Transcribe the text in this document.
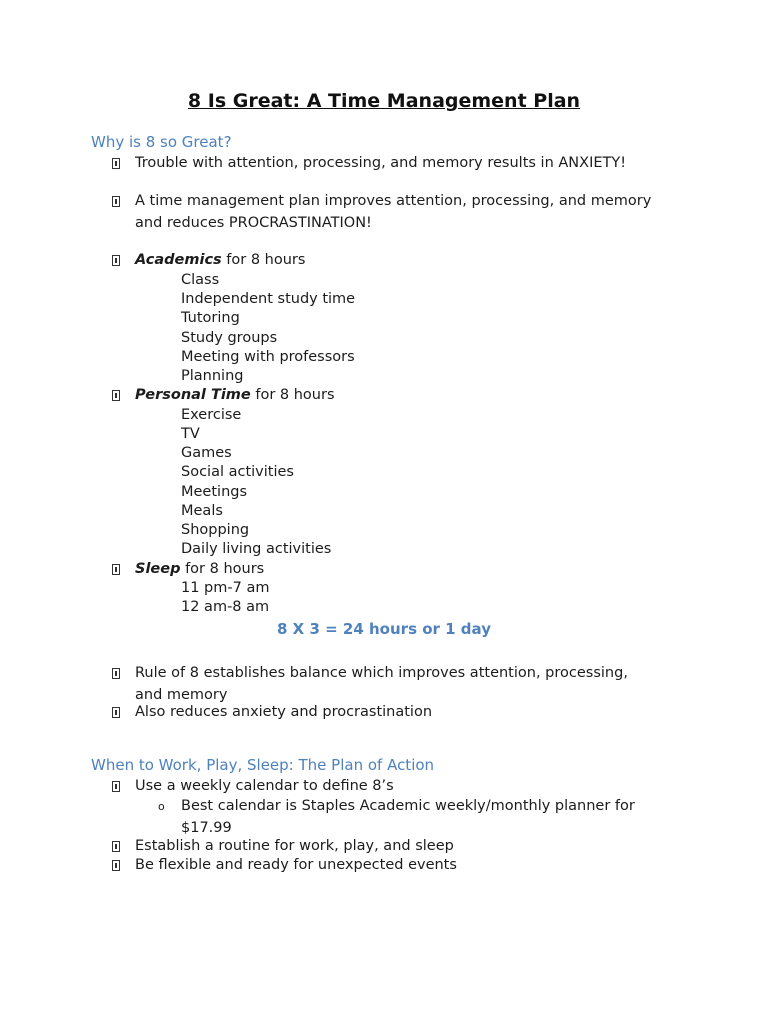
8 Is Great: A Time Management Plan
Why is 8 so Great?
Trouble with attention, processing, and memory results in ANXIETY!
A time management plan improves attention, processing, and memory
and reduces PROCRASTINATION!
Academics for 8 hours
Class
Independent study time
Tutoring
Study groups
Meeting with professors
Planning
Personal Time for 8 hours
Exercise
TV
Games
Social activities
Meetings
Meals
Shopping
Daily living activities
Sleep for 8 hours
11 pm-7 am
12 am-8 am
8 X 3 = 24 hours or 1 day
Rule of 8 establishes balance which improves attention, processing,
and memory
Also reduces anxiety and procrastination
When to Work, Play, Sleep: The Plan of Action
Use a weekly calendar to define 8’s
o Best calendar is Staples Academic weekly/monthly planner for
$17.99
Establish a routine for work, play, and sleep
Be flexible and ready for unexpected events
